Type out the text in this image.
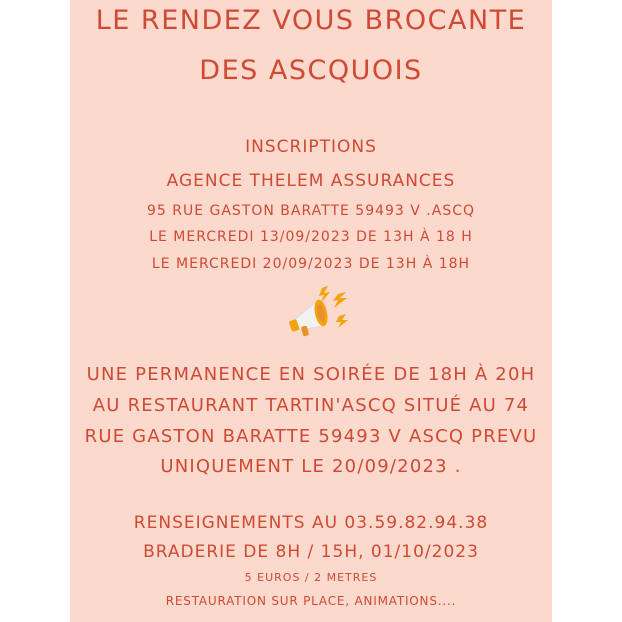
LE RENDEZ VOUS BROCANTE
DES ASCQUOIS
INSCRIPTIONS
AGENCE THELEM ASSURANCES
95 RUE GASTON BARATTE 59493 V .ASCQ
LE MERCREDI 13/09/2023 DE 13H À 18 H
LE MERCREDI 20/09/2023 DE 13H À 18H
UNE PERMANENCE EN SOIRÉE DE 18H À 20H
AU RESTAURANT TARTIN'ASCQ SITUÉ AU 74
RUE GASTON BARATTE 59493 V ASCQ PREVU
UNIQUEMENT LE 20/09/2023 .
RENSEIGNEMENTS AU 03.59.82.94.38
BRADERIE DE 8H / 15H, 01/10/2023
5 EUROS / 2 METRES
RESTAURATION SUR PLACE, ANIMATIONS....
